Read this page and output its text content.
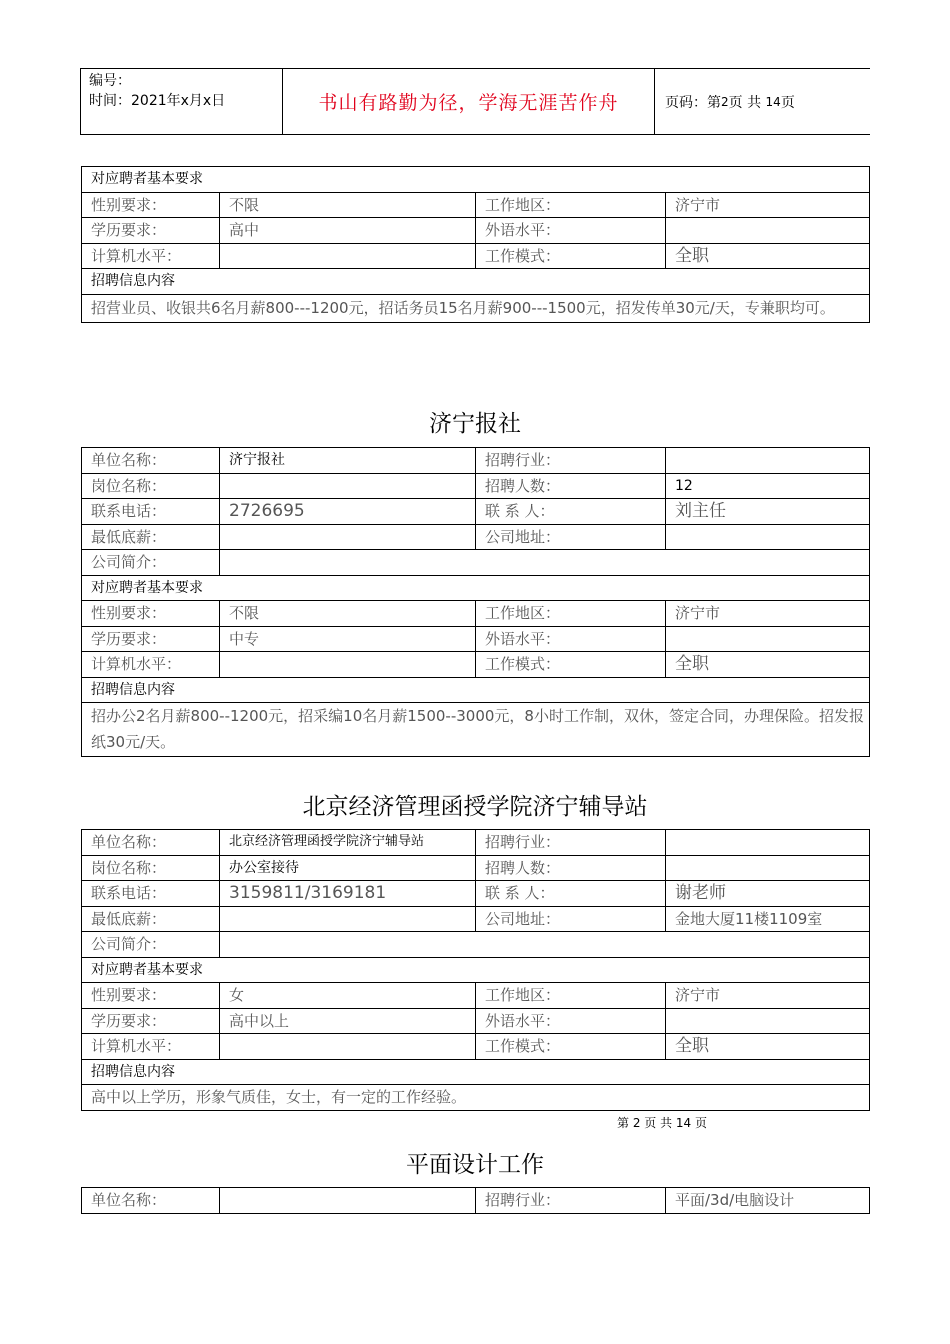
编号：
时间：2021年x月x日	书山有路勤为径，学海无涯苦作舟	页码：第 2 页 共
14 页
对应聘者基本要求			
性别要求：	不限	工作地区：	济宁市
学历要求：	高中	外语水平：	
计算机水平：		工作模式：	全职
招聘信息内容			
招营业员、收银共6名月薪800---1200元，招话务员15名月薪900---1500元，招发传单30元/天，专兼职均可。			
济宁报社
单位名称：	济宁报社	招聘行业：	
岗位名称：		招聘人数：	12
联系电话：	2726695	联 系 人：	刘主任
最低底薪：		公司地址：	
公司简介：			
对应聘者基本要求			
性别要求：	不限	工作地区：	济宁市
学历要求：	中专	外语水平：	
计算机水平：		工作模式：	全职
招聘信息内容			
招办公2名月薪800--1200元，招采编10名月薪1500--3000元，8小时工作制，双休，签定合同，办理保险。招发报纸30元/天。			
北京经济管理函授学院济宁辅导站
单位名称：	北京经济管理函授学院济宁辅导站	招聘行业：	
岗位名称：	办公室接待	招聘人数：	
联系电话：	3159811/3169181	联 系 人：	谢老师
最低底薪：		公司地址：	金地大厦11楼1109室
公司简介：			
对应聘者基本要求			
性别要求：	女	工作地区：	济宁市
学历要求：	高中以上	外语水平：	
计算机水平：		工作模式：	全职
招聘信息内容			
高中以上学历，形象气质佳，女士，有一定的工作经验。			
第 2 页 共 14 页
平面设计工作
单位名称：		招聘行业：	平面/3d/电脑设计
